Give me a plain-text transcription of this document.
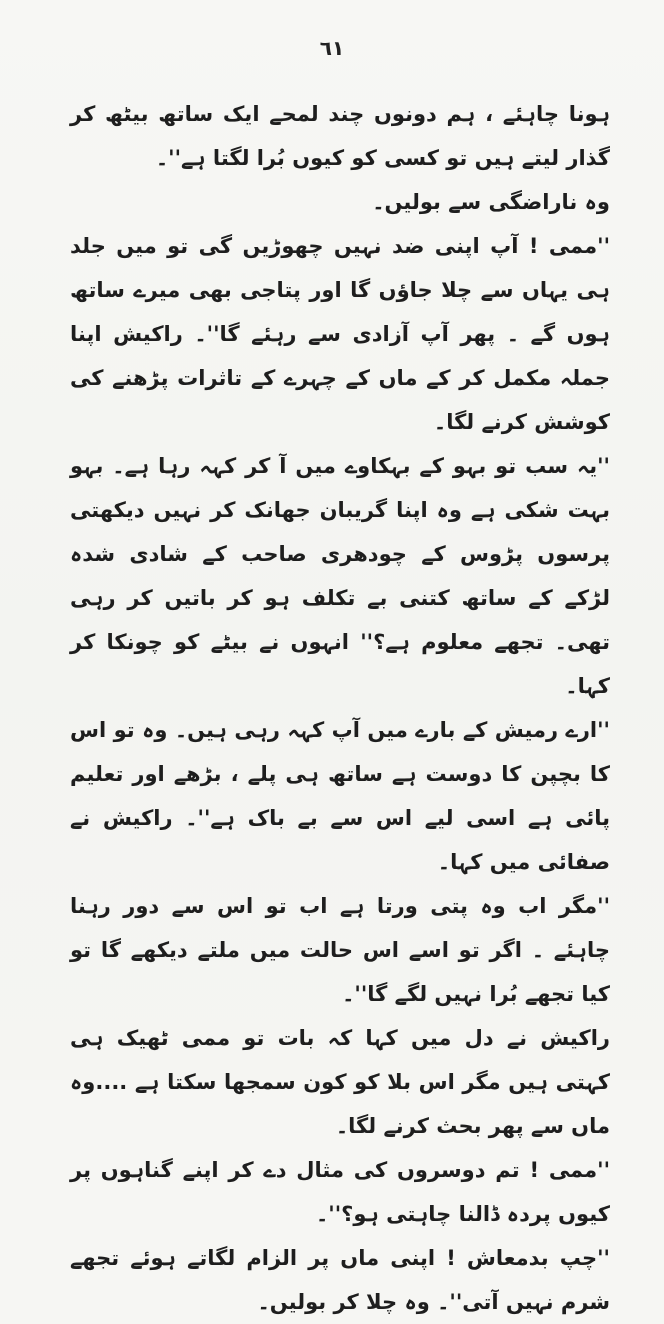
٦١

ہونا چاہئے ، ہم دونوں چند لمحے ایک ساتھ بیٹھ کر گذار لیتے ہیں تو کسی کو کیوں بُرا لگتا ہے''۔

وہ ناراضگی سے بولیں۔

''ممی ! آپ اپنی ضد نہیں چھوڑیں گی تو میں جلد ہی یہاں سے چلا جاؤں گا اور پتاجی بھی میرے ساتھ ہوں گے ۔ پھر آپ آزادی سے رہئے گا''۔ راکیش اپنا جملہ مکمل کر کے ماں کے چہرے کے تاثرات پڑھنے کی کوشش کرنے لگا۔

''یہ سب تو بہو کے بہکاوے میں آ کر کہہ رہا ہے۔ بہو بہت شکی ہے وہ اپنا گریبان جھانک کر نہیں دیکھتی پرسوں پڑوس کے چودھری صاحب کے شادی شدہ لڑکے کے ساتھ کتنی بے تکلف ہو کر باتیں کر رہی تھی۔ تجھے معلوم ہے؟'' انہوں نے بیٹے کو چونکا کر کہا۔

''ارے رمیش کے بارے میں آپ کہہ رہی ہیں۔ وہ تو اس کا بچپن کا دوست ہے ساتھ ہی پلے ، بڑھے اور تعلیم پائی ہے اسی لیے اس سے بے باک ہے''۔ راکیش نے صفائی میں کہا۔

''مگر اب وہ پتی ورتا ہے اب تو اس سے دور رہنا چاہئے ۔ اگر تو اسے اس حالت میں ملتے دیکھے گا تو کیا تجھے بُرا نہیں لگے گا''۔

راکیش نے دل میں کہا کہ بات تو ممی ٹھیک ہی کہتی ہیں مگر اس بلا کو کون سمجھا سکتا ہے ....وہ ماں سے پھر بحث کرنے لگا۔

''ممی ! تم دوسروں کی مثال دے کر اپنے گناہوں پر کیوں پردہ ڈالنا چاہتی ہو؟''۔

''چپ بدمعاش ! اپنی ماں پر الزام لگاتے ہوئے تجھے شرم نہیں آتی''۔ وہ چلا کر بولیں۔
